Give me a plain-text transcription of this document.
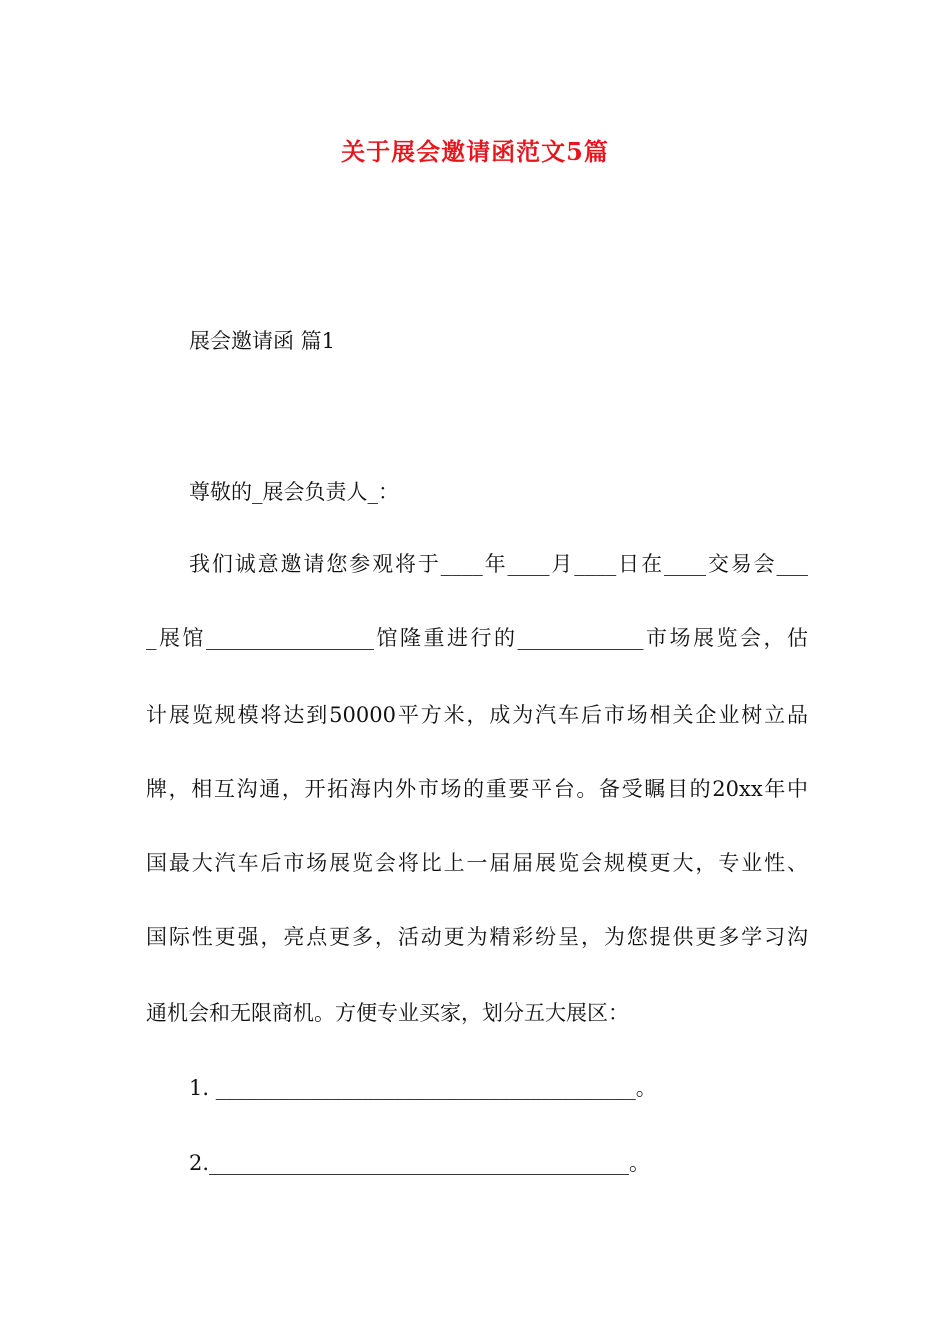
关于展会邀请函范文5篇
展会邀请函 篇1
尊敬的_展会负责人_：
我们诚意邀请您参观将于____年____月____日在____交易会___
_展馆________________馆隆重进行的____________市场展览会，估
计展览规模将达到50000平方米，成为汽车后市场相关企业树立品
牌，相互沟通，开拓海内外市场的重要平台。备受瞩目的20xx年中
国最大汽车后市场展览会将比上一届届展览会规模更大，专业性、
国际性更强，亮点更多，活动更为精彩纷呈，为您提供更多学习沟
通机会和无限商机。方便专业买家，划分五大展区：
1. ________________________________________。
2.________________________________________。
